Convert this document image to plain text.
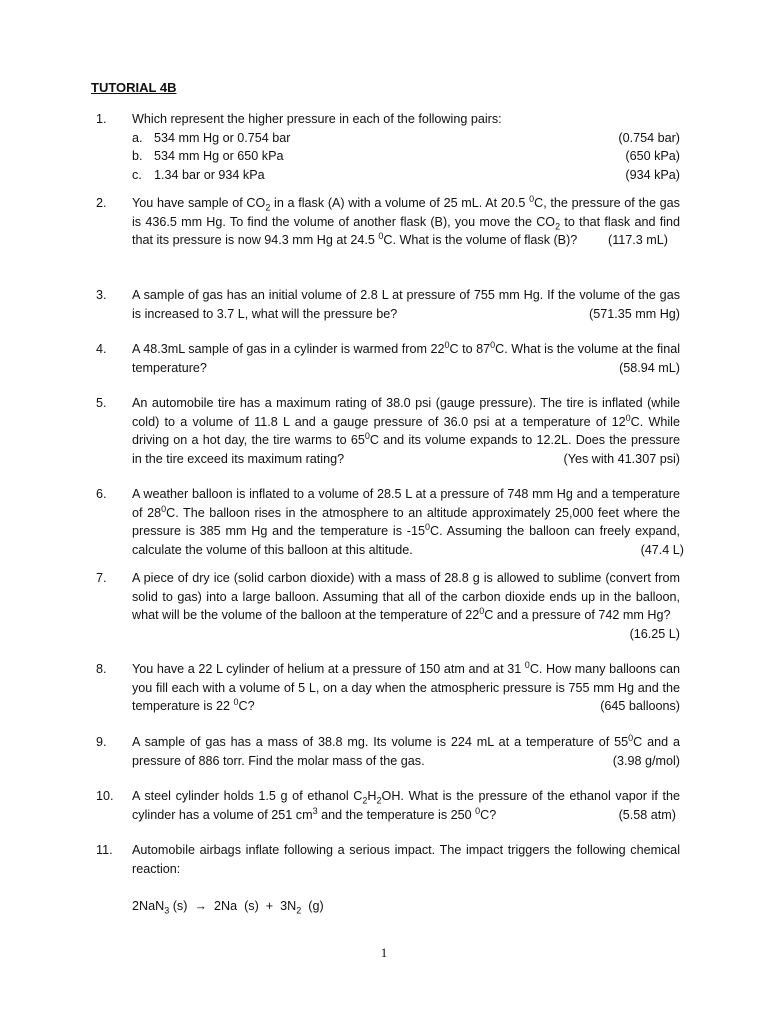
TUTORIAL 4B
1. Which represent the higher pressure in each of the following pairs:
a. 534 mm Hg or 0.754 bar	(0.754 bar)
b. 534 mm Hg or 650 kPa	(650 kPa)
c. 1.34 bar or 934 kPa	(934 kPa)
2. You have sample of $CO_2$ in a flask (A) with a volume of 25 mL. At 20.5 $^0$C, the pressure of the gas is 436.5 mm Hg. To find the volume of another flask (B), you move the $CO_2$ to that flask and find that its pressure is now 94.3 mm Hg at 24.5 $^0$C. What is the volume of flask (B)? (117.3 mL)
3. A sample of gas has an initial volume of 2.8 L at pressure of 755 mm Hg. If the volume of the gas is increased to 3.7 L, what will the pressure be?	(571.35 mm Hg)
4. A 48.3mL sample of gas in a cylinder is warmed from $22^0C$ to $87^0C$. What is the volume at the final temperature?	(58.94 mL)
5. An automobile tire has a maximum rating of 38.0 psi (gauge pressure). The tire is inflated (while cold) to a volume of 11.8 L and a gauge pressure of 36.0 psi at a temperature of $12^0C$. While driving on a hot day, the tire warms to $65^0C$ and its volume expands to 12.2L. Does the pressure in the tire exceed its maximum rating?	(Yes with 41.307 psi)
6. A weather balloon is inflated to a volume of 28.5 L at a pressure of 748 mm Hg and a temperature of $28^0C$. The balloon rises in the atmosphere to an altitude approximately 25,000 feet where the pressure is 385 mm Hg and the temperature is $-15^0C$. Assuming the balloon can freely expand, calculate the volume of this balloon at this altitude.	(47.4 L)
7. A piece of dry ice (solid carbon dioxide) with a mass of 28.8 g is allowed to sublime (convert from solid to gas) into a large balloon. Assuming that all of the carbon dioxide ends up in the balloon, what will be the volume of the balloon at the temperature of $22^0C$ and a pressure of 742 mm Hg?
(16.25 L)
8. You have a 22 L cylinder of helium at a pressure of 150 atm and at 31 $^0$C. How many balloons can you fill each with a volume of 5 L, on a day when the atmospheric pressure is 755 mm Hg and the temperature is 22 $^0$C?	(645 balloons)
9. A sample of gas has a mass of 38.8 mg. Its volume is 224 mL at a temperature of $55^0C$ and a pressure of 886 torr. Find the molar mass of the gas.	(3.98 g/mol)
10. A steel cylinder holds 1.5 g of ethanol $C_2H_2OH$. What is the pressure of the ethanol vapor if the cylinder has a volume of 251 $cm^3$ and the temperature is 250 $^0$C?	(5.58 atm)
11. Automobile airbags inflate following a serious impact. The impact triggers the following chemical reaction:
2NaN$_3$ (s)  →  2Na  $(s) + 3N_2$  (g)
1
